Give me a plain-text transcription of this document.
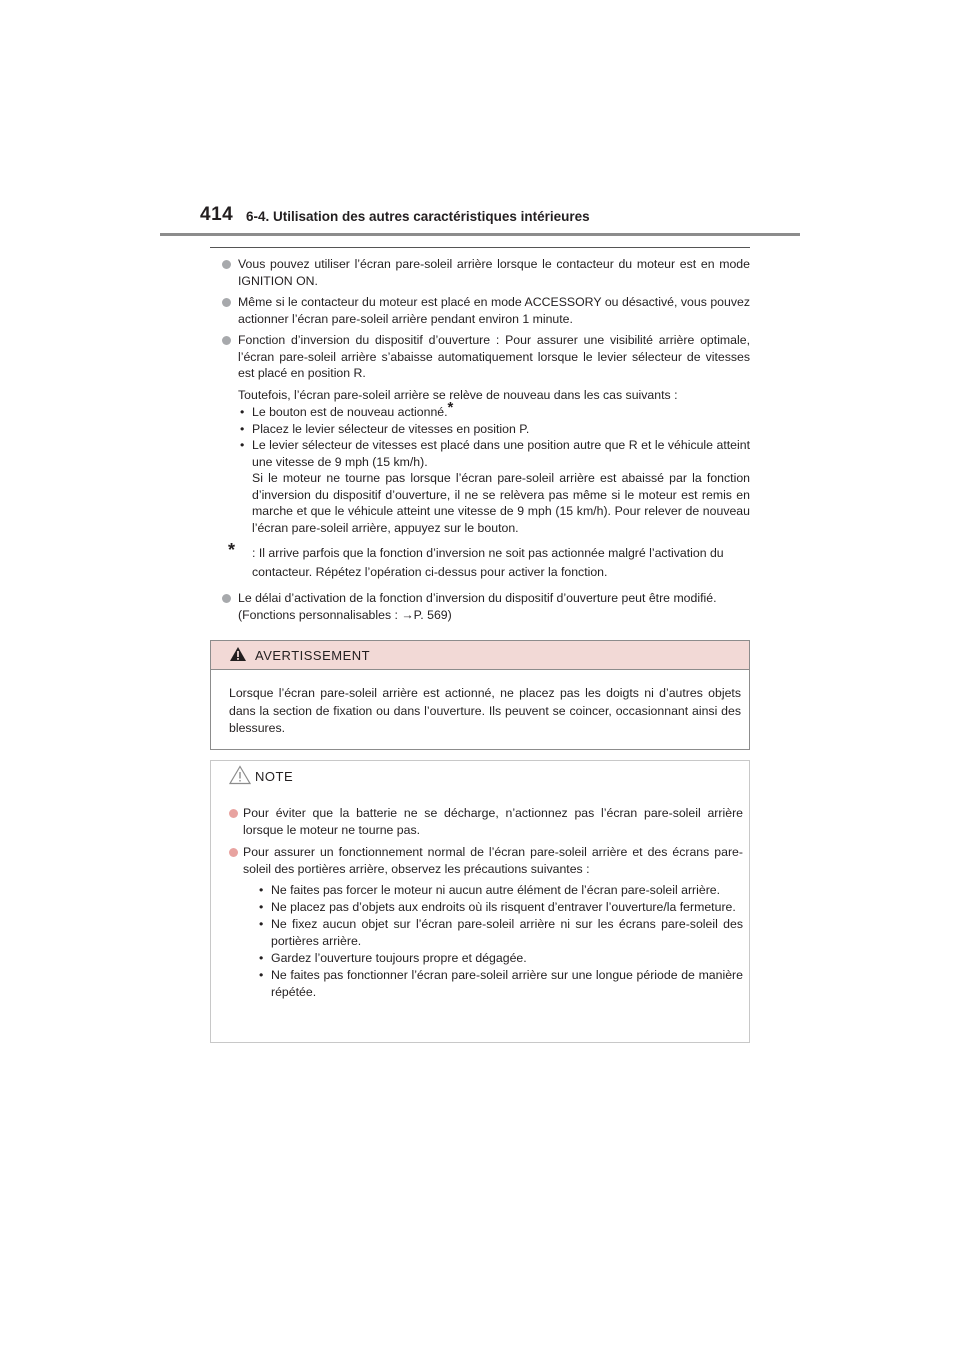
414 6-4. Utilisation des autres caractéristiques intérieures
Vous pouvez utiliser l’écran pare-soleil arrière lorsque le contacteur du moteur est en mode IGNITION ON.
Même si le contacteur du moteur est placé en mode ACCESSORY ou désactivé, vous pouvez actionner l’écran pare-soleil arrière pendant environ 1 minute.
Fonction d’inversion du dispositif d’ouverture : Pour assurer une visibilité arrière optimale, l’écran pare-soleil arrière s’abaisse automatiquement lorsque le levier sélecteur de vitesses est placé en position R.
Toutefois, l’écran pare-soleil arrière se relève de nouveau dans les cas suivants :
• Le bouton est de nouveau actionné.*
• Placez le levier sélecteur de vitesses en position P.
• Le levier sélecteur de vitesses est placé dans une position autre que R et le véhicule atteint une vitesse de 9 mph (15 km/h).
Si le moteur ne tourne pas lorsque l’écran pare-soleil arrière est abaissé par la fonction d’inversion du dispositif d’ouverture, il ne se relèvera pas même si le moteur est remis en marche et que le véhicule atteint une vitesse de 9 mph (15 km/h). Pour relever de nouveau l’écran pare-soleil arrière, appuyez sur le bouton.
* : Il arrive parfois que la fonction d’inversion ne soit pas actionnée malgré l’activation du contacteur. Répétez l’opération ci-dessus pour activer la fonction.
Le délai d’activation de la fonction d’inversion du dispositif d’ouverture peut être modifié.
(Fonctions personnalisables : →P. 569)
AVERTISSEMENT
Lorsque l’écran pare-soleil arrière est actionné, ne placez pas les doigts ni d’autres objets dans la section de fixation ou dans l’ouverture. Ils peuvent se coincer, occasionnant ainsi des blessures.
NOTE
Pour éviter que la batterie ne se décharge, n’actionnez pas l’écran pare-soleil arrière lorsque le moteur ne tourne pas.
Pour assurer un fonctionnement normal de l’écran pare-soleil arrière et des écrans pare-soleil des portières arrière, observez les précautions suivantes :
• Ne faites pas forcer le moteur ni aucun autre élément de l’écran pare-soleil arrière.
• Ne placez pas d’objets aux endroits où ils risquent d’entraver l’ouverture/la fermeture.
• Ne fixez aucun objet sur l’écran pare-soleil arrière ni sur les écrans pare-soleil des portières arrière.
• Gardez l’ouverture toujours propre et dégagée.
• Ne faites pas fonctionner l’écran pare-soleil arrière sur une longue période de manière répétée.
